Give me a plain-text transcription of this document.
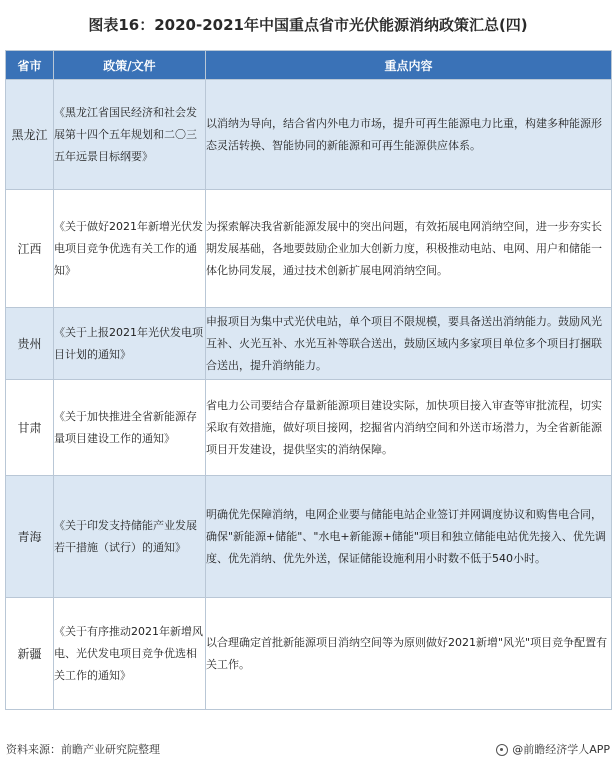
图表16：2020-2021年中国重点省市光伏能源消纳政策汇总(四)
省市	政策/文件	重点内容
黑龙江	《黑龙江省国民经济和社会发展第十四个五年规划和二〇三五年远景目标纲要》	以消纳为导向，结合省内外电力市场，提升可再生能源电力比重，构建多种能源形态灵活转换、智能协同的新能源和可再生能源供应体系。
江西	《关于做好2021年新增光伏发电项目竞争优选有关工作的通知》	为探索解决我省新能源发展中的突出问题，有效拓展电网消纳空间，进一步夯实长期发展基础，各地要鼓励企业加大创新力度，积极推动电站、电网、用户和储能一体化协同发展，通过技术创新扩展电网消纳空间。
贵州	《关于上报2021年光伏发电项目计划的通知》	申报项目为集中式光伏电站，单个项目不限规模，要具备送出消纳能力。鼓励风光互补、火光互补、水光互补等联合送出，鼓励区域内多家项目单位多个项目打捆联合送出，提升消纳能力。
甘肃	《关于加快推进全省新能源存量项目建设工作的通知》	省电力公司要结合存量新能源项目建设实际，加快项目接入审查等审批流程，切实采取有效措施，做好项目接网，挖掘省内消纳空间和外送市场潜力，为全省新能源项目开发建设，提供坚实的消纳保障。
青海	《关于印发支持储能产业发展若干措施（试行）的通知》	明确优先保障消纳，电网企业要与储能电站企业签订并网调度协议和购售电合同，确保"新能源+储能"、"水电+新能源+储能"项目和独立储能电站优先接入、优先调度、优先消纳、优先外送，保证储能设施利用小时数不低于540小时。
新疆	《关于有序推动2021年新增风电、光伏发电项目竞争优选相关工作的通知》	以合理确定首批新能源项目消纳空间等为原则做好2021新增"风光"项目竞争配置有关工作。
资料来源：前瞻产业研究院整理	@前瞻经济学人APP
